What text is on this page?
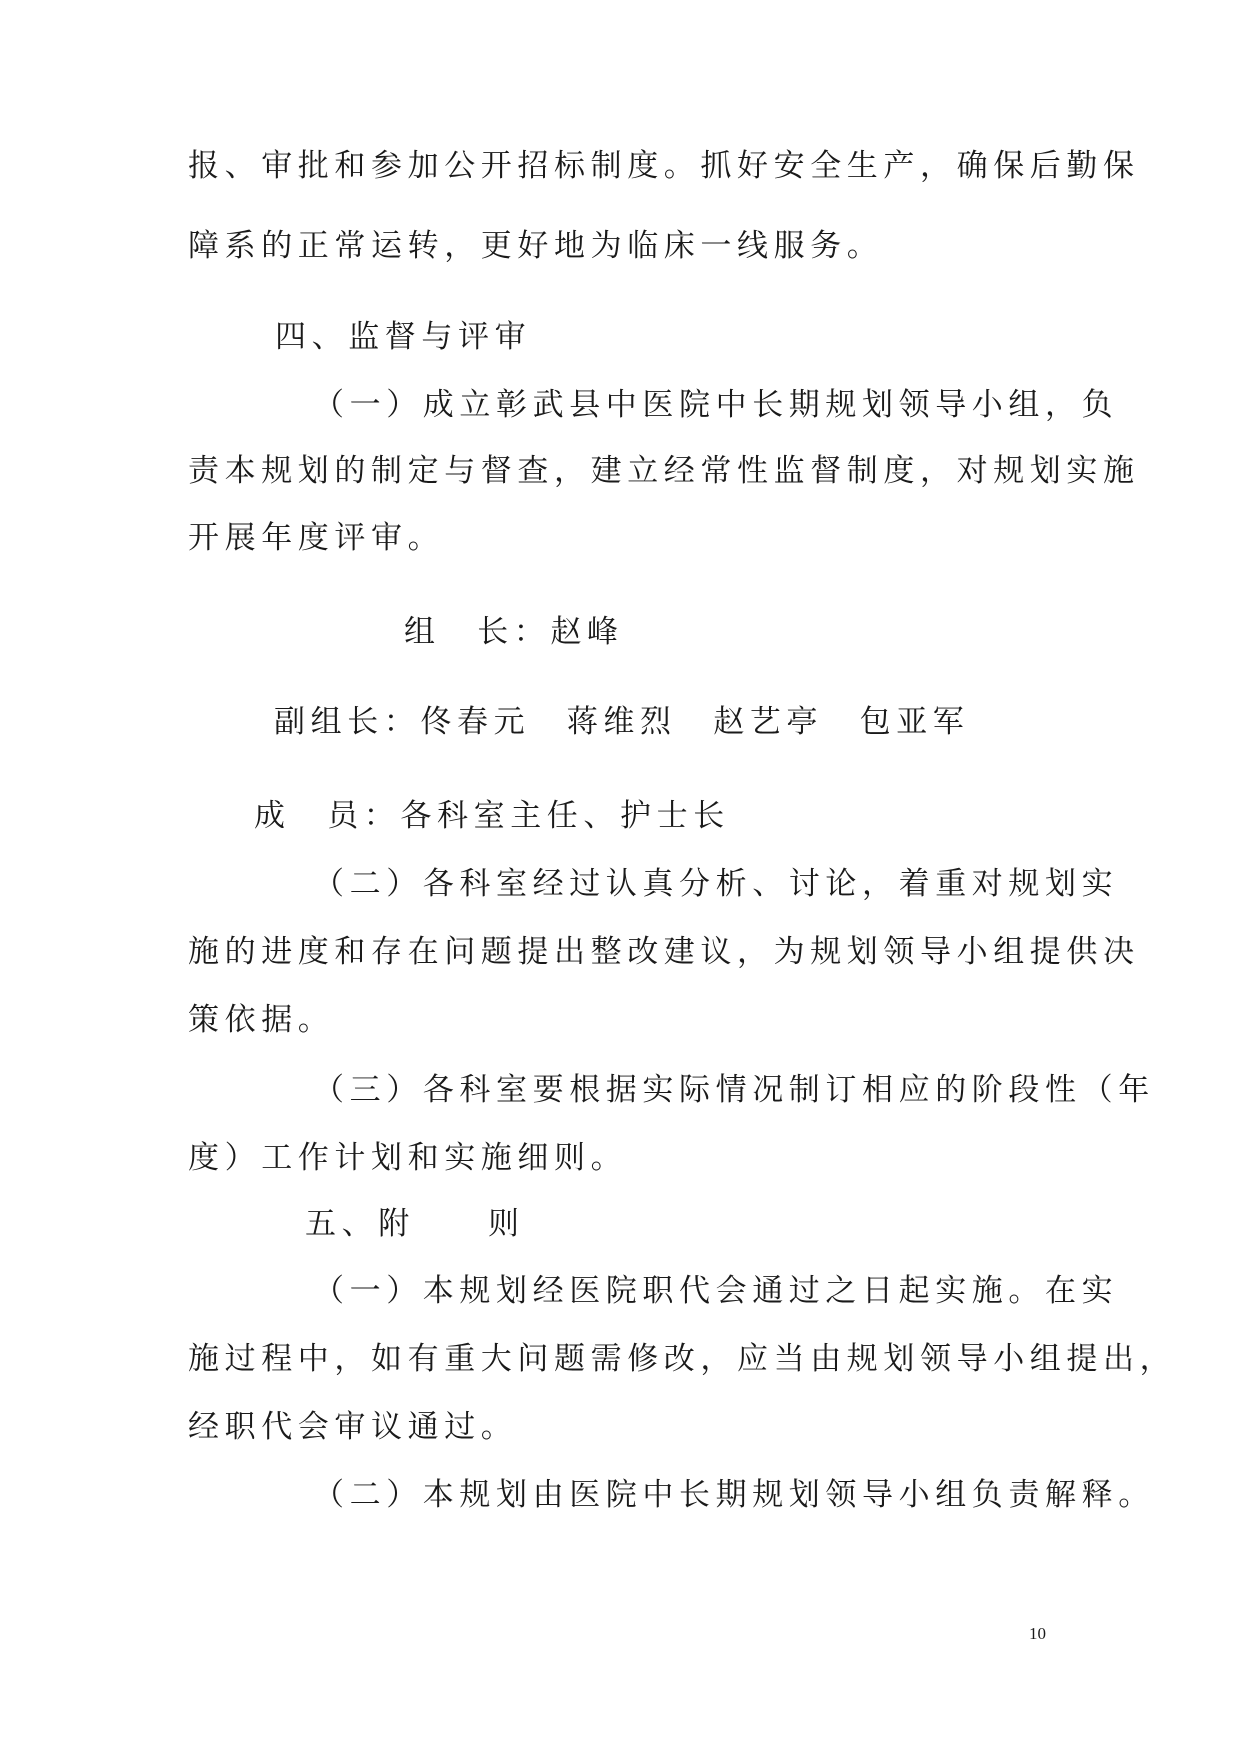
报、审批和参加公开招标制度。抓好安全生产，确保后勤保
障系的正常运转，更好地为临床一线服务。
四、监督与评审
（一）成立彰武县中医院中长期规划领导小组，负
责本规划的制定与督查，建立经常性监督制度，对规划实施
开展年度评审。
组　长：赵峰
副组长：佟春元　蒋维烈　赵艺亭　包亚军
成　员：各科室主任、护士长
（二）各科室经过认真分析、讨论，着重对规划实
施的进度和存在问题提出整改建议，为规划领导小组提供决
策依据。
（三）各科室要根据实际情况制订相应的阶段性（年
度）工作计划和实施细则。
五、附　　则
（一）本规划经医院职代会通过之日起实施。在实
施过程中，如有重大问题需修改，应当由规划领导小组提出，
经职代会审议通过。
（二）本规划由医院中长期规划领导小组负责解释。
10
